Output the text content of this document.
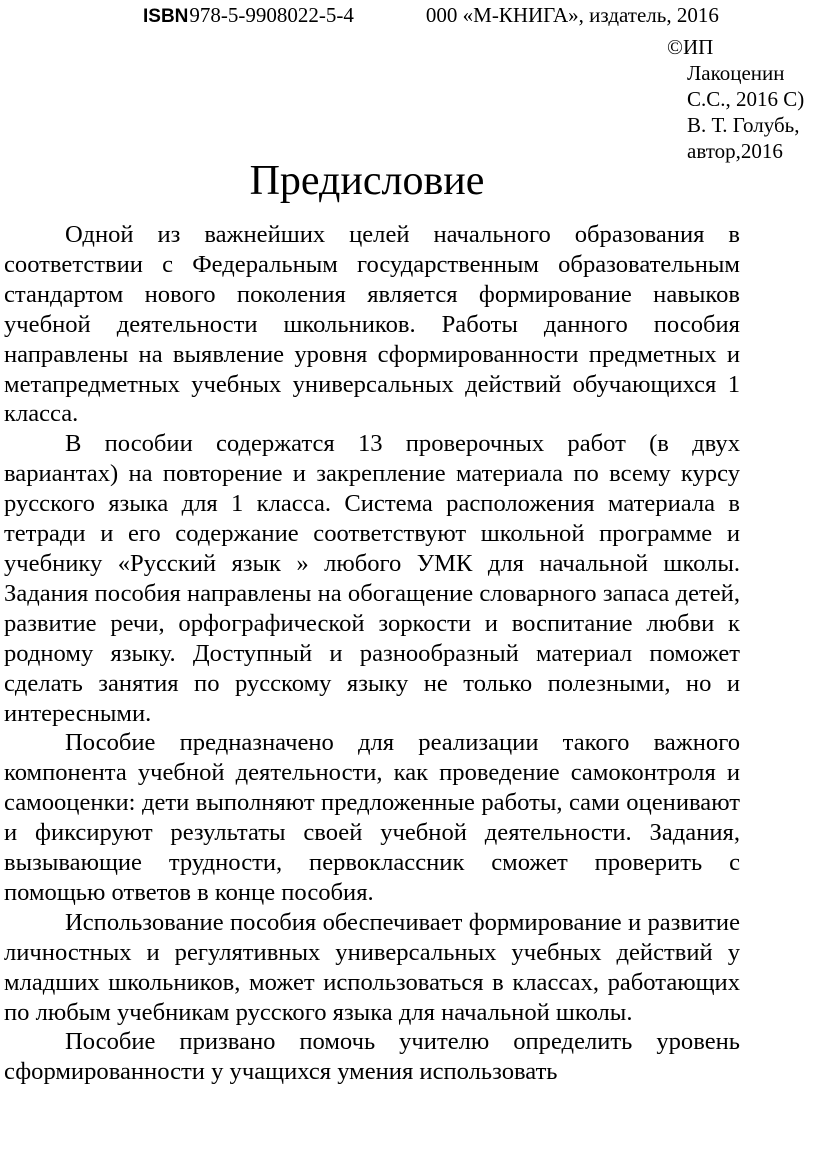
ISBN978-5-9908022-5-4	000 «М-КНИГА», издатель, 2016
©ИП
Лакоценин
С.С., 2016 С)
В. Т. Голубь,
автор,2016
Предисловие

Одной из важнейших целей начального образования в соответствии с Федеральным государственным образовательным стандартом нового поколения является формирование навыков учебной деятельности школьников. Работы данного пособия направлены на выявление уровня сформированности предметных и метапредметных учебных универсальных действий обучающихся 1 класса.

В пособии содержатся 13 проверочных работ (в двух вариантах) на повторение и закрепление материала по всему курсу русского языка для 1 класса. Система расположения материала в тетради и его содержание соответствуют школьной программе и учебнику «Русский язык » любого УМК для начальной школы. Задания пособия направлены на обогащение словарного запаса детей, развитие речи, орфографической зоркости и воспитание любви к родному языку. Доступный и разнообразный материал поможет сделать занятия по русскому языку не только полезными, но и интересными.

Пособие предназначено для реализации такого важного компонента учебной деятельности, как проведение самоконтроля и самооценки: дети выполняют предложенные работы, сами оценивают и фиксируют результаты своей учебной деятельности. Задания, вызывающие трудности, первоклассник сможет проверить с помощью ответов в конце пособия.

Использование пособия обеспечивает формирование и развитие личностных и регулятивных универсальных учебных действий у младших школьников, может использоваться в классах, работающих по любым учебникам русского языка для начальной школы.

Пособие призвано помочь учителю определить уровень сформированности у учащихся умения использовать
